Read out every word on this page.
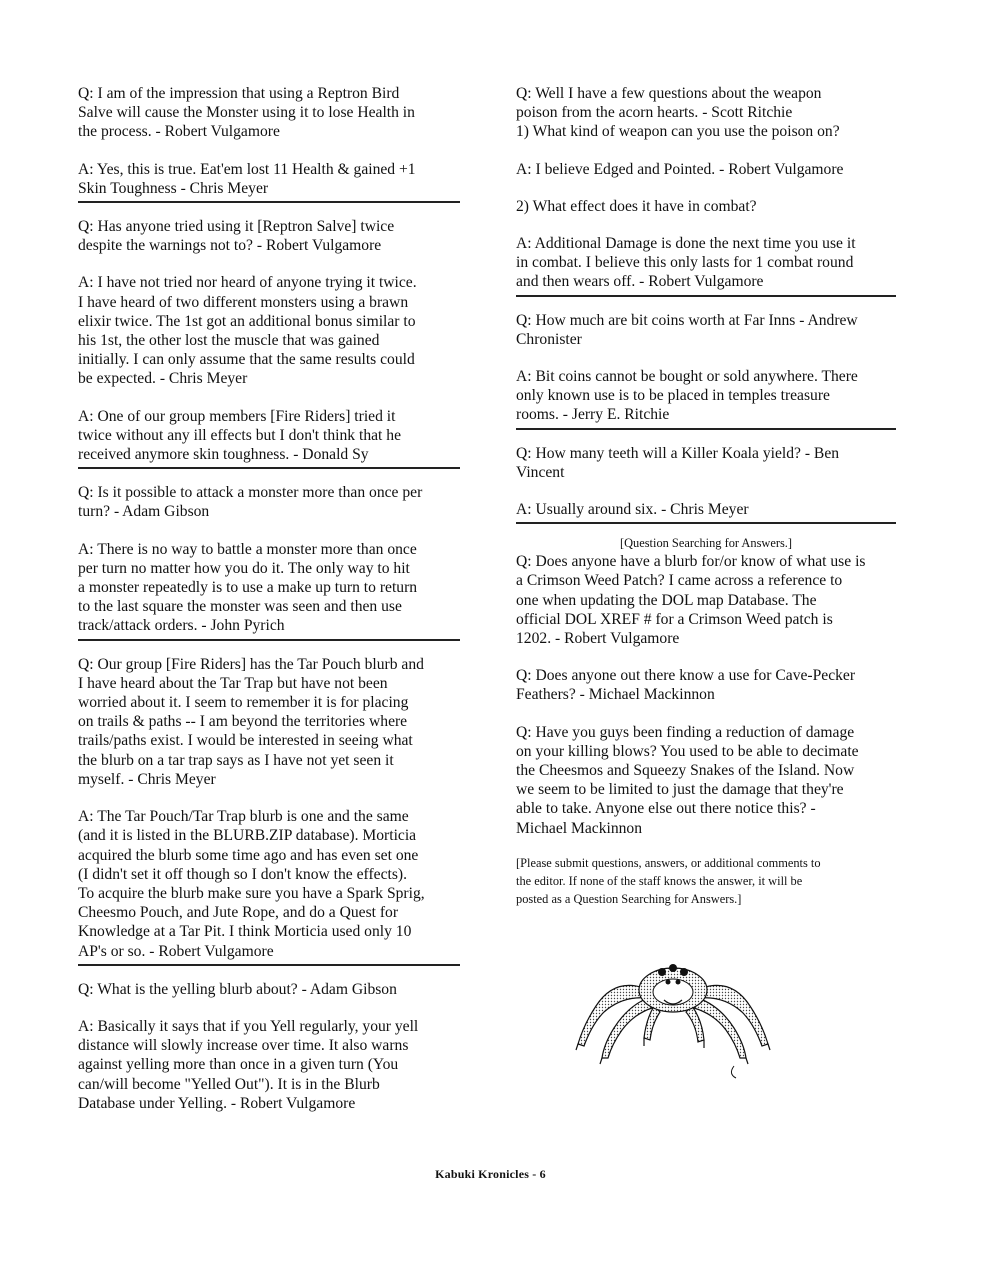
Q: I am of the impression that using a Reptron Bird
Salve will cause the Monster using it to lose Health in
the process. - Robert Vulgamore

A: Yes, this is true. Eat'em lost 11 Health & gained +1
Skin Toughness - Chris Meyer

Q: Has anyone tried using it [Reptron Salve] twice
despite the warnings not to? - Robert Vulgamore

A: I have not tried nor heard of anyone trying it twice.
I have heard of two different monsters using a brawn
elixir twice. The 1st got an additional bonus similar to
his 1st, the other lost the muscle that was gained
initially. I can only assume that the same results could
be expected. - Chris Meyer

A: One of our group members [Fire Riders] tried it
twice without any ill effects but I don't think that he
received anymore skin toughness. - Donald Sy

Q: Is it possible to attack a monster more than once per
turn? - Adam Gibson

A: There is no way to battle a monster more than once
per turn no matter how you do it. The only way to hit
a monster repeatedly is to use a make up turn to return
to the last square the monster was seen and then use
track/attack orders. - John Pyrich

Q: Our group [Fire Riders] has the Tar Pouch blurb and
I have heard about the Tar Trap but have not been
worried about it. I seem to remember it is for placing
on trails & paths -- I am beyond the territories where
trails/paths exist. I would be interested in seeing what
the blurb on a tar trap says as I have not yet seen it
myself. - Chris Meyer

A: The Tar Pouch/Tar Trap blurb is one and the same
(and it is listed in the BLURB.ZIP database). Morticia
acquired the blurb some time ago and has even set one
(I didn't set it off though so I don't know the effects).
To acquire the blurb make sure you have a Spark Sprig,
Cheesmo Pouch, and Jute Rope, and do a Quest for
Knowledge at a Tar Pit. I think Morticia used only 10
AP's or so. - Robert Vulgamore

Q: What is the yelling blurb about? - Adam Gibson

A: Basically it says that if you Yell regularly, your yell
distance will slowly increase over time. It also warns
against yelling more than once in a given turn (You
can/will become "Yelled Out"). It is in the Blurb
Database under Yelling. - Robert Vulgamore

Q: Well I have a few questions about the weapon
poison from the acorn hearts. - Scott Ritchie
1) What kind of weapon can you use the poison on?

A: I believe Edged and Pointed. - Robert Vulgamore

2) What effect does it have in combat?

A: Additional Damage is done the next time you use it
in combat. I believe this only lasts for 1 combat round
and then wears off. - Robert Vulgamore

Q: How much are bit coins worth at Far Inns - Andrew
Chronister

A: Bit coins cannot be bought or sold anywhere. There
only known use is to be placed in temples treasure
rooms. - Jerry E. Ritchie

Q: How many teeth will a Killer Koala yield? - Ben
Vincent

A: Usually around six. - Chris Meyer

[Question Searching for Answers.]

Q: Does anyone have a blurb for/or know of what use is
a Crimson Weed Patch? I came across a reference to
one when updating the DOL map Database. The
official DOL XREF # for a Crimson Weed patch is
1202. - Robert Vulgamore

Q: Does anyone out there know a use for Cave-Pecker
Feathers? - Michael Mackinnon

Q: Have you guys been finding a reduction of damage
on your killing blows? You used to be able to decimate
the Cheesmos and Squeezy Snakes of the Island. Now
we seem to be limited to just the damage that they're
able to take. Anyone else out there notice this? -
Michael Mackinnon

[Please submit questions, answers, or additional comments to
the editor. If none of the staff knows the answer, it will be
posted as a Question Searching for Answers.]

Kabuki Kronicles - 6
